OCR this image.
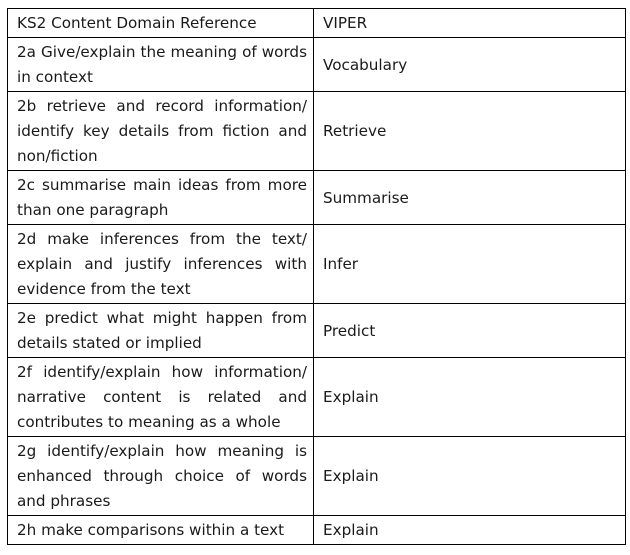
KS2 Content Domain Reference	VIPER
2a Give/explain the meaning of words in context	Vocabulary
2b retrieve and record information/ identify key details from fiction and non/fiction	Retrieve
2c summarise main ideas from more than one paragraph	Summarise
2d make inferences from the text/ explain and justify inferences with evidence from the text	Infer
2e predict what might happen from details stated or implied	Predict
2f identify/explain how information/ narrative content is related and contributes to meaning as a whole	Explain
2g identify/explain how meaning is enhanced through choice of words and phrases	Explain
2h make comparisons within a text	Explain
